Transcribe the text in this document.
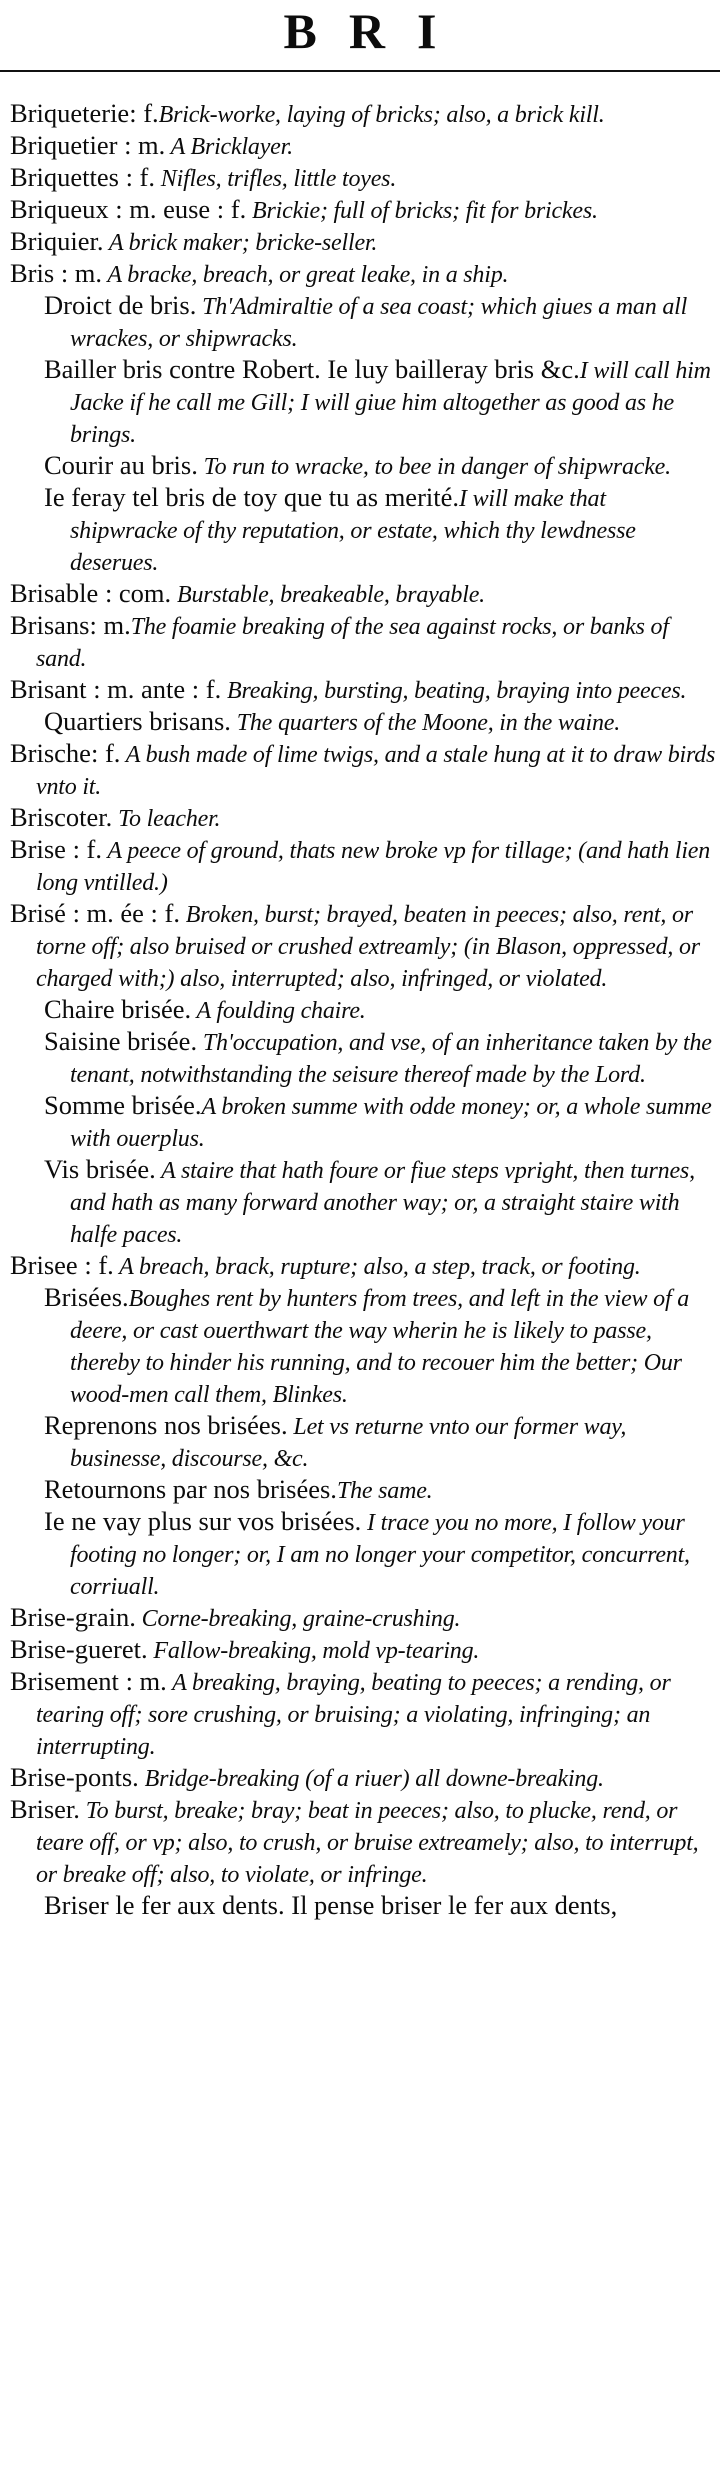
BRI

Briqueterie: f.Brick-worke, laying of bricks; also, a brick kill.

Briquetier : m. A Bricklayer.

Briquettes : f. Nifles, trifles, little toyes.

Briqueux : m. euse : f. Brickie; full of bricks; fit for brickes.

Briquier. A brick maker; bricke-seller.

Bris : m. A bracke, breach, or great leake, in a ship.

Droict de bris. Th'Admiraltie of a sea coast; which giues a man all wrackes, or shipwracks.

Bailler bris contre Robert. Ie luy bailleray bris &c.I will call him Jacke if he call me Gill; I will giue him altogether as good as he brings.

Courir au bris. To run to wracke, to bee in danger of shipwracke.

Ie feray tel bris de toy que tu as merité.I will make that shipwracke of thy reputation, or estate, which thy lewdnesse deserues.

Brisable : com. Burstable, breakeable, brayable.

Brisans: m.The foamie breaking of the sea against rocks, or banks of sand.

Brisant : m. ante : f. Breaking, bursting, beating, braying into peeces.

Quartiers brisans. The quarters of the Moone, in the waine.

Brische: f. A bush made of lime twigs, and a stale hung at it to draw birds vnto it.

Briscoter. To leacher.

Brise : f. A peece of ground, thats new broke vp for tillage; (and hath lien long vntilled.)

Brisé : m. ée : f. Broken, burst; brayed, beaten in peeces; also, rent, or torne off; also bruised or crushed extreamly; (in Blason, oppressed, or charged with;) also, interrupted; also, infringed, or violated.

Chaire brisée. A foulding chaire.

Saisine brisée. Th'occupation, and vse, of an inheritance taken by the tenant, notwithstanding the seisure thereof made by the Lord.

Somme brisée.A broken summe with odde money; or, a whole summe with ouerplus.

Vis brisée. A staire that hath foure or fiue steps vpright, then turnes, and hath as many forward another way; or, a straight staire with halfe paces.

Brisee : f. A breach, brack, rupture; also, a step, track, or footing.

Brisées.Boughes rent by hunters from trees, and left in the view of a deere, or cast ouerthwart the way wherin he is likely to passe, thereby to hinder his running, and to recouer him the better; Our wood-men call them, Blinkes.

Reprenons nos brisées. Let vs returne vnto our former way, businesse, discourse, &c.

Retournons par nos brisées.The same.

Ie ne vay plus sur vos brisées. I trace you no more, I follow your footing no longer; or, I am no longer your competitor, concurrent, corriuall.

Brise-grain. Corne-breaking, graine-crushing.

Brise-gueret. Fallow-breaking, mold vp-tearing.

Brisement : m. A breaking, braying, beating to peeces; a rending, or tearing off; sore crushing, or bruising; a violating, infringing; an interrupting.

Brise-ponts. Bridge-breaking (of a riuer) all downe-breaking.

Briser. To burst, breake; bray; beat in peeces; also, to plucke, rend, or teare off, or vp; also, to crush, or bruise extreamely; also, to interrupt, or breake off; also, to violate, or infringe.

Briser le fer aux dents. Il pense briser le fer aux dents,
